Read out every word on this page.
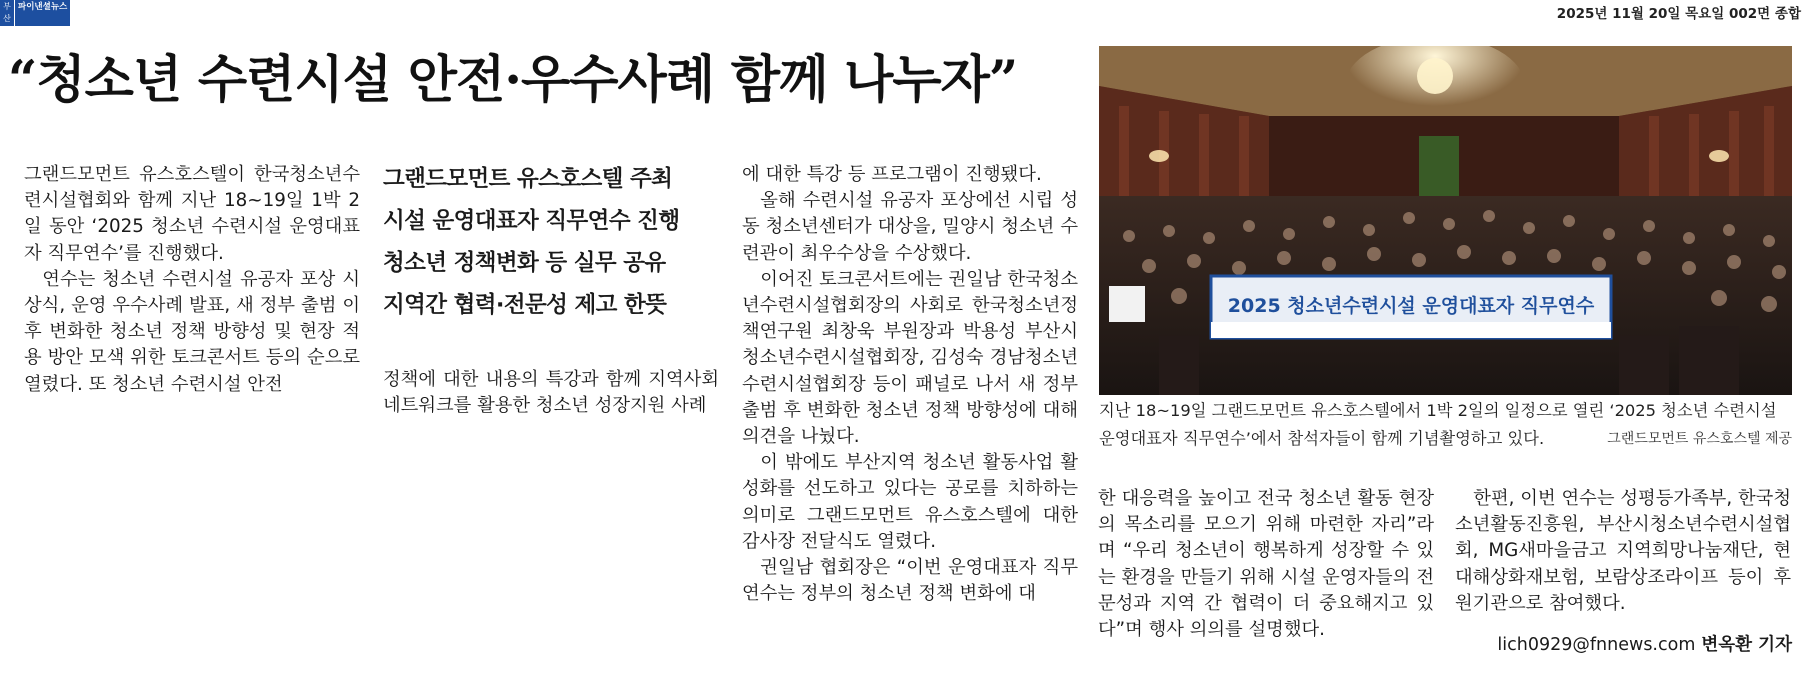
부산
파이낸셜뉴스	2025년 11월 20일 목요일 002면 종합
“청소년 수련시설 안전·우수사례 함께 나누자”

그랜드모먼트 유스호스텔이 한국청소년수련시설협회와 함께 지난 18~19일 1박 2일 동안 ‘2025 청소년 수련시설 운영대표자 직무연수’를 진행했다.

연수는 청소년 수련시설 유공자 포상 시상식, 운영 우수사례 발표, 새 정부 출범 이후 변화한 청소년 정책 방향성 및 현장 적용 방안 모색 위한 토크콘서트 등의 순으로 열렸다. 또 청소년 수련시설 안전

그랜드모먼트 유스호스텔 주최
시설 운영대표자 직무연수 진행
청소년 정책변화 등 실무 공유
지역간 협력·전문성 제고 한뜻

정책에 대한 내용의 특강과 함께 지역사회 네트워크를 활용한 청소년 성장지원 사례

에 대한 특강 등 프로그램이 진행됐다.

올해 수련시설 유공자 포상에선 시립 성동 청소년센터가 대상을, 밀양시 청소년 수련관이 최우수상을 수상했다.

이어진 토크콘서트에는 권일남 한국청소년수련시설협회장의 사회로 한국청소년정책연구원 최창욱 부원장과 박용성 부산시청소년수련시설협회장, 김성숙 경남청소년수련시설협회장 등이 패널로 나서 새 정부 출범 후 변화한 청소년 정책 방향성에 대해 의견을 나눴다.

이 밖에도 부산지역 청소년 활동사업 활성화를 선도하고 있다는 공로를 치하하는 의미로 그랜드모먼트 유스호스텔에 대한 감사장 전달식도 열렸다.

권일남 협회장은 “이번 운영대표자 직무연수는 정부의 청소년 정책 변화에 대

2025 청소년수련시설 운영대표자 직무연수
지난 18~19일 그랜드모먼트 유스호스텔에서 1박 2일의 일정으로 열린 ‘2025 청소년 수련시설 운영대표자 직무연수’에서 참석자들이 함께 기념촬영하고 있다.	그랜드모먼트 유스호스텔 제공

한 대응력을 높이고 전국 청소년 활동 현장의 목소리를 모으기 위해 마련한 자리”라며 “우리 청소년이 행복하게 성장할 수 있는 환경을 만들기 위해 시설 운영자들의 전문성과 지역 간 협력이 더 중요해지고 있다”며 행사 의의를 설명했다.

한편, 이번 연수는 성평등가족부, 한국청소년활동진흥원, 부산시청소년수련시설협회, MG새마을금고 지역희망나눔재단, 현대해상화재보험, 보람상조라이프 등이 후원기관으로 참여했다.

lich0929@fnnews.com 변옥환 기자
